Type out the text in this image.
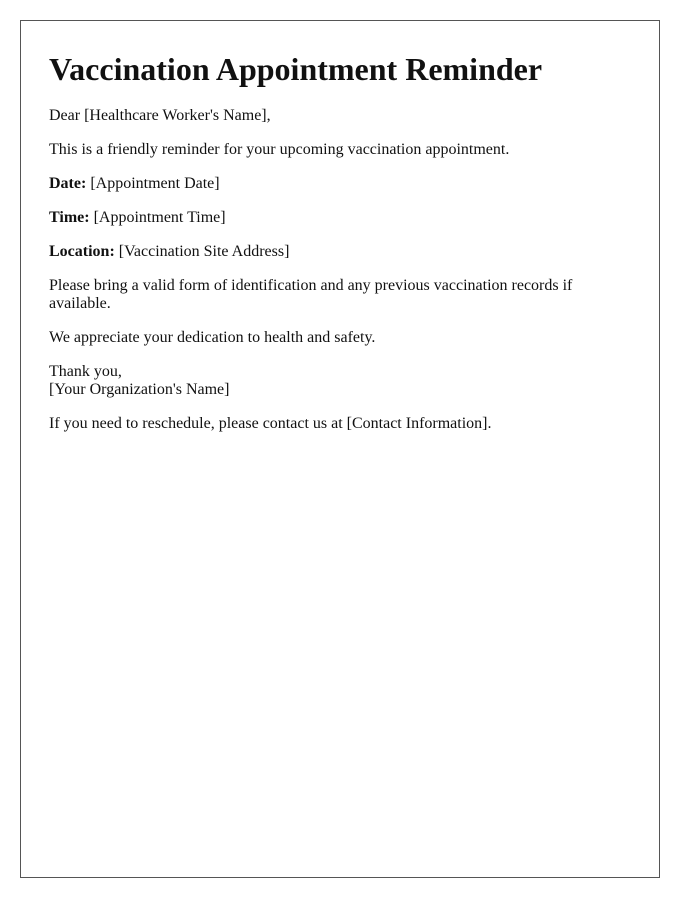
Vaccination Appointment Reminder

Dear [Healthcare Worker's Name],

This is a friendly reminder for your upcoming vaccination appointment.

Date: [Appointment Date]

Time: [Appointment Time]

Location: [Vaccination Site Address]

Please bring a valid form of identification and any previous vaccination records if available.

We appreciate your dedication to health and safety.

Thank you,
[Your Organization's Name]

If you need to reschedule, please contact us at [Contact Information].
